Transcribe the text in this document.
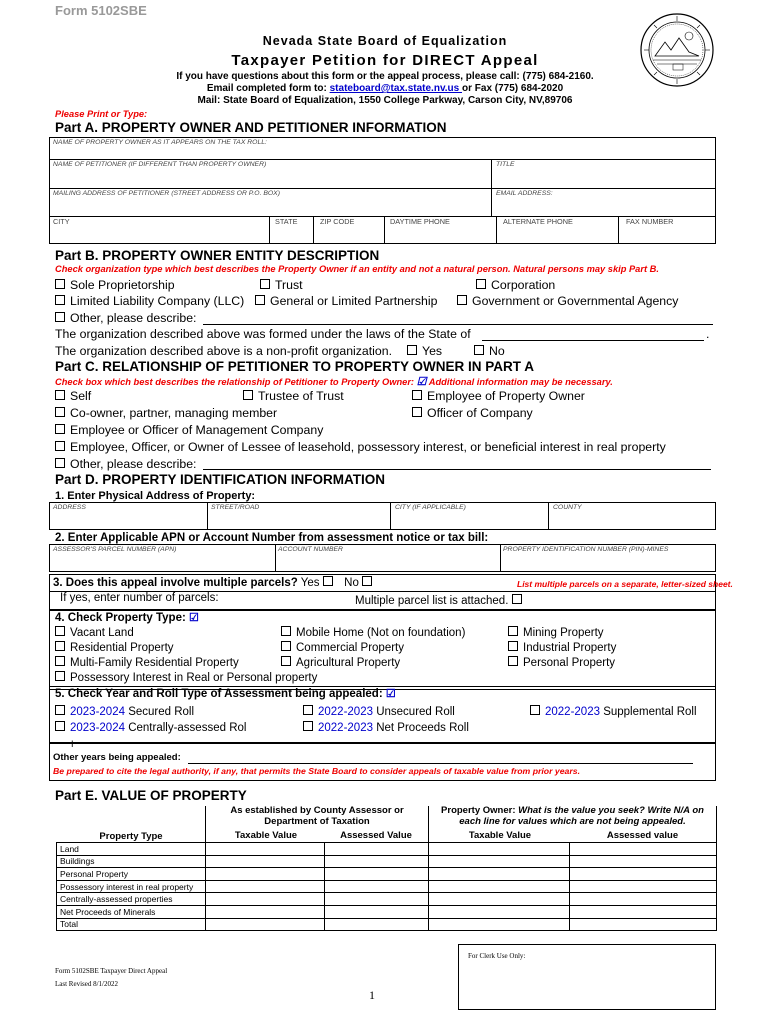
Form 5102SBE
Nevada State Board of Equalization
Taxpayer Petition for DIRECT Appeal
If you have questions about this form or the appeal process, please call: (775) 684-2160.
Email completed form to: stateboard@tax.state.nv.us or Fax (775) 684-2020
Mail: State Board of Equalization, 1550 College Parkway, Carson City, NV,89706
Please Print or Type:
Part A. PROPERTY OWNER AND PETITIONER INFORMATION
NAME OF PROPERTY OWNER AS IT APPEARS ON THE TAX ROLL:
NAME OF PETITIONER (IF DIFFERENT THAN PROPERTY OWNER)	TITLE
MAILING ADDRESS OF PETITIONER (STREET ADDRESS OR P.O. BOX)	EMAIL ADDRESS:
CITY	STATE	ZIP CODE	DAYTIME PHONE	ALTERNATE PHONE	FAX NUMBER
Part B. PROPERTY OWNER ENTITY DESCRIPTION
Check organization type which best describes the Property Owner if an entity and not a natural person. Natural persons may skip Part B.
Sole Proprietorship	Trust	Corporation
Limited Liability Company (LLC)	General or Limited Partnership	Government or Governmental Agency
Other, please describe:
The organization described above was formed under the laws of the State of	.
The organization described above is a non-profit organization.	Yes	No
Part C. RELATIONSHIP OF PETITIONER TO PROPERTY OWNER IN PART A
Check box which best describes the relationship of Petitioner to Property Owner: ☑ Additional information may be necessary.
Self	Trustee of Trust	Employee of Property Owner
Co-owner, partner, managing member	Officer of Company
Employee or Officer of Management Company
Employee, Officer, or Owner of Lessee of leasehold, possessory interest, or beneficial interest in real property
Other, please describe:
Part D. PROPERTY IDENTIFICATION INFORMATION
1. Enter Physical Address of Property:
ADDRESS	STREET/ROAD	CITY (IF APPLICABLE)	COUNTY
2. Enter Applicable APN or Account Number from assessment notice or tax bill:
ASSESSOR'S PARCEL NUMBER (APN)	ACCOUNT NUMBER	PROPERTY IDENTIFICATION NUMBER (PIN)-MINES
3. Does this appeal involve multiple parcels? Yes No	List multiple parcels on a separate, letter-sized sheet.
If yes, enter number of parcels:	Multiple parcel list is attached.
4. Check Property Type: ☑
Vacant Land	Mobile Home (Not on foundation)	Mining Property
Residential Property	Commercial Property	Industrial Property
Multi-Family Residential Property	Agricultural Property	Personal Property
Possessory Interest in Real or Personal property
5. Check Year and Roll Type of Assessment being appealed: ☑
2023-2024 Secured Roll	2022-2023 Unsecured Roll	2022-2023 Supplemental Roll
2023-2024 Centrally-assessed Rol	2022-2023 Net Proceeds Roll
I
Other years being appealed:
Be prepared to cite the legal authority, if any, that permits the State Board to consider appeals of taxable value from prior years.
Part E. VALUE OF PROPERTY
As established by County Assessor or Department of Taxation
Property Owner: What is the value you seek? Write N/A on each line for values which are not being appealed.
Property Type	Taxable Value	Assessed Value	Taxable Value	Assessed value
Land				
Buildings				
Personal Property				
Possessory interest in real property				
Centrally-assessed properties				
Net Proceeds of Minerals				
Total				
For Clerk Use Only:
Form 5102SBE Taxpayer Direct Appeal
Last Revised 8/1/2022
1
